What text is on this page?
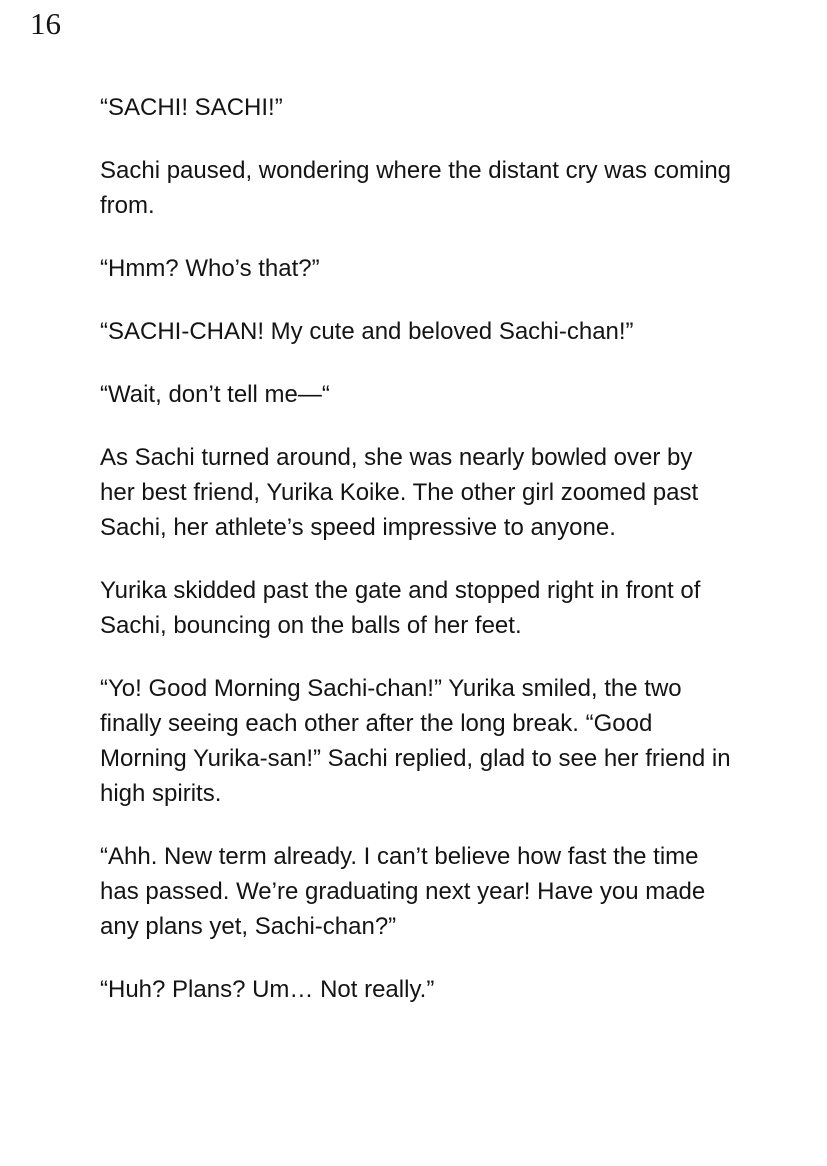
16

“SACHI! SACHI!”

Sachi paused, wondering where the distant cry was coming from.

“Hmm? Who’s that?”

“SACHI-CHAN! My cute and beloved Sachi-chan!”

“Wait, don’t tell me—“

As Sachi turned around, she was nearly bowled over by her best friend, Yurika Koike. The other girl zoomed past Sachi, her athlete’s speed impressive to anyone.

Yurika skidded past the gate and stopped right in front of Sachi, bouncing on the balls of her feet.

“Yo! Good Morning Sachi-chan!” Yurika smiled, the two finally seeing each other after the long break. “Good Morning Yurika-san!” Sachi replied, glad to see her friend in high spirits.

“Ahh. New term already. I can’t believe how fast the time has passed. We’re graduating next year! Have you made any plans yet, Sachi-chan?”

“Huh? Plans? Um… Not really.”
